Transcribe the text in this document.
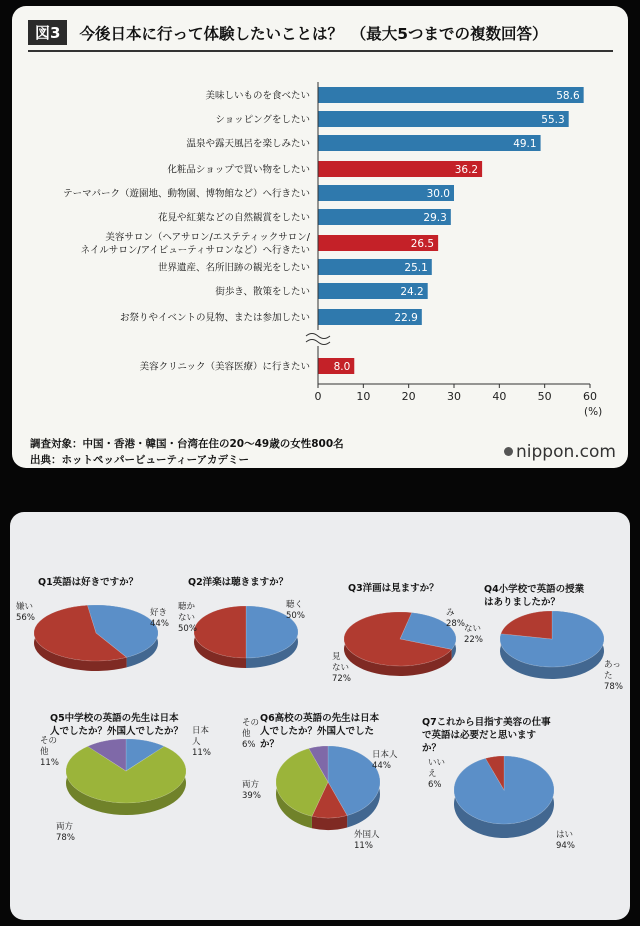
図3	今後日本に行って体験したいことは？　（最大5つまでの複数回答）
58.6
美味しいものを食べたい
55.3
ショッピングをしたい
49.1
温泉や露天風呂を楽しみたい
36.2
化粧品ショップで買い物をしたい
30.0
テーマパーク（遊園地、動物園、博物館など）へ行きたい
29.3
花見や紅葉などの自然観賞をしたい
26.5
美容サロン（ヘアサロン/エステティックサロン/
ネイルサロン/アイビューティサロンなど）へ行きたい
25.1
世界遺産、名所旧跡の観光をしたい
24.2
街歩き、散策をしたい
22.9
お祭りやイベントの見物、または参加したい
8.0
美容クリニック（美容医療）に行きたい
0	10	20	30	40	50	60
(%)
調査対象：中国・香港・韓国・台湾在住の20～49歳の女性800名
出典：ホットペッパービューティーアカデミー	nippon.com
Q1英語は好きですか？
好き
44%
嫌い
56%
Q2洋楽は聴きますか？
聴く
50%
聴か
ない
50%
Q3洋画は見ますか？
み
28%
見
ない
72%
Q4小学校で英語の授業
はありましたか？
あっ
た
78%
ない
22%
Q5中学校の英語の先生は日本
人でしたか？外国人でしたか？ 日本
人
11%
両方
78%
その
他
11%
Q6高校の英語の先生は日本
人でしたか？外国人でした
か？
日本人
44%
外国人
11%
両方
39%
その
他
6%
Q7これから目指す美容の仕事
で英語は必要だと思います
か？
はい
94%
いい
え
6%
